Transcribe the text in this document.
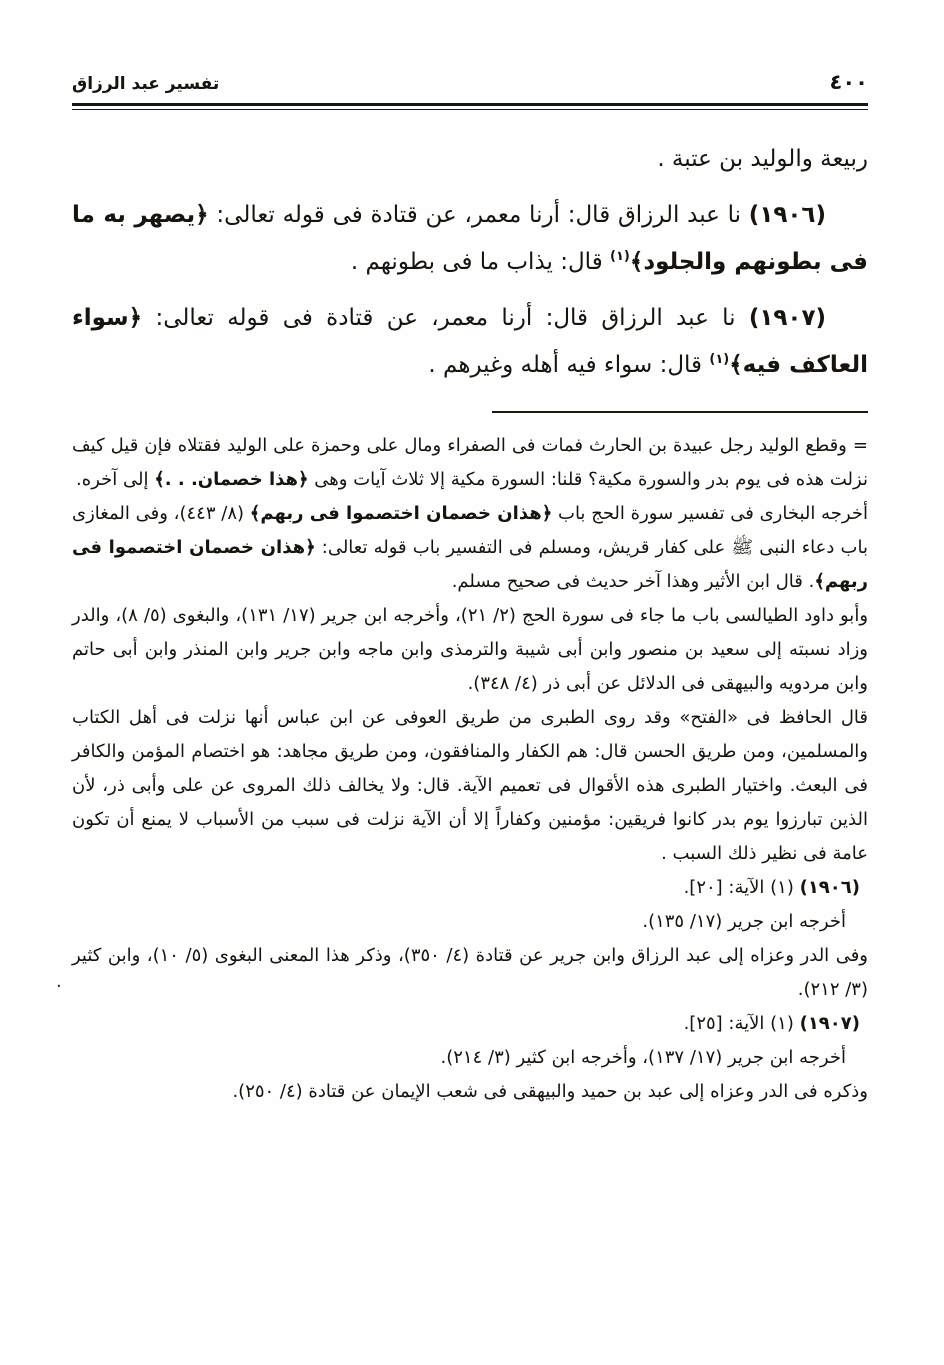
٤٠٠
تفسير عبد الرزاق

ربيعة والوليد بن عتبة .

(١٩٠٦) نا عبد الرزاق قال: أرنا معمر، عن قتادة فى قوله تعالى: ﴿يصهر به ما فى بطونهم والجلود﴾$^{(١)}$ قال: يذاب ما فى بطونهم .

(١٩٠٧) نا عبد الرزاق قال: أرنا معمر، عن قتادة فى قوله تعالى: ﴿سواء العاكف فيه﴾$^{(١)}$ قال: سواء فيه أهله وغيرهم .

= وقطع الوليد رجل عبيدة بن الحارث فمات فى الصفراء ومال على وحمزة على الوليد فقتلاه فإن قيل كيف نزلت هذه فى يوم بدر والسورة مكية؟ قلنا: السورة مكية إلا ثلاث آيات وهى ﴿هذا خصمان. . .﴾ إلى آخره.

أخرجه البخارى فى تفسير سورة الحج باب ﴿هذان خصمان اختصموا فى ربهم﴾ (٨/ ٤٤٣)، وفى المغازى باب دعاء النبى ﷺ على كفار قريش، ومسلم فى التفسير باب قوله تعالى: ﴿هذان خصمان اختصموا فى ربهم﴾. قال ابن الأثير وهذا آخر حديث فى صحيح مسلم.

وأبو داود الطيالسى باب ما جاء فى سورة الحج (٢/ ٢١)، وأخرجه ابن جرير (١٧/ ١٣١)، والبغوى (٥/ ٨)، والدر وزاد نسبته إلى سعيد بن منصور وابن أبى شيبة والترمذى وابن ماجه وابن جرير وابن المنذر وابن أبى حاتم وابن مردويه والبيهقى فى الدلائل عن أبى ذر (٤/ ٣٤٨).

قال الحافظ فى «الفتح» وقد روى الطبرى من طريق العوفى عن ابن عباس أنها نزلت فى أهل الكتاب والمسلمين، ومن طريق الحسن قال: هم الكفار والمنافقون، ومن طريق مجاهد: هو اختصام المؤمن والكافر فى البعث. واختيار الطبرى هذه الأقوال فى تعميم الآية. قال: ولا يخالف ذلك المروى عن على وأبى ذر، لأن الذين تبارزوا يوم بدر كانوا فريقين: مؤمنين وكفاراً إلا أن الآية نزلت فى سبب من الأسباب لا يمنع أن تكون عامة فى نظير ذلك السبب .

(١٩٠٦) (١) الآية: [٢٠].

أخرجه ابن جرير (١٧/ ١٣٥).

وفى الدر وعزاه إلى عبد الرزاق وابن جرير عن قتادة (٤/ ٣٥٠)، وذكر هذا المعنى البغوى (٥/ ١٠)، وابن كثير (٣/ ٢١٢).

(١٩٠٧) (١) الآية: [٢٥].

أخرجه ابن جرير (١٧/ ١٣٧)، وأخرجه ابن كثير (٣/ ٢١٤).

وذكره فى الدر وعزاه إلى عبد بن حميد والبيهقى فى شعب الإيمان عن قتادة (٤/ ٢٥٠).

·
